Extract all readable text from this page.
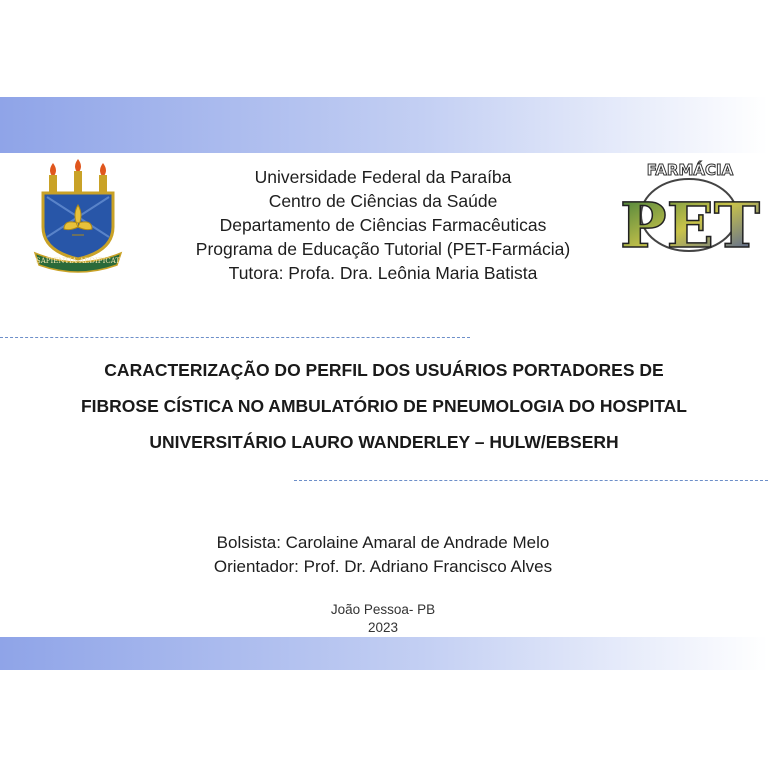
SAPIENTIA AEDIFICAT
Universidade Federal da Paraíba
Centro de Ciências da Saúde
Departamento de Ciências Farmacêuticas
Programa de Educação Tutorial (PET-Farmácia)
Tutora: Profa. Dra. Leônia Maria Batista
FARMÁCIA
PET
CARACTERIZAÇÃO DO PERFIL DOS USUÁRIOS PORTADORES DE
FIBROSE CÍSTICA NO AMBULATÓRIO DE PNEUMOLOGIA DO HOSPITAL
UNIVERSITÁRIO LAURO WANDERLEY – HULW/EBSERH
Bolsista: Carolaine Amaral de Andrade Melo
Orientador: Prof. Dr. Adriano Francisco Alves
João Pessoa- PB
2023
